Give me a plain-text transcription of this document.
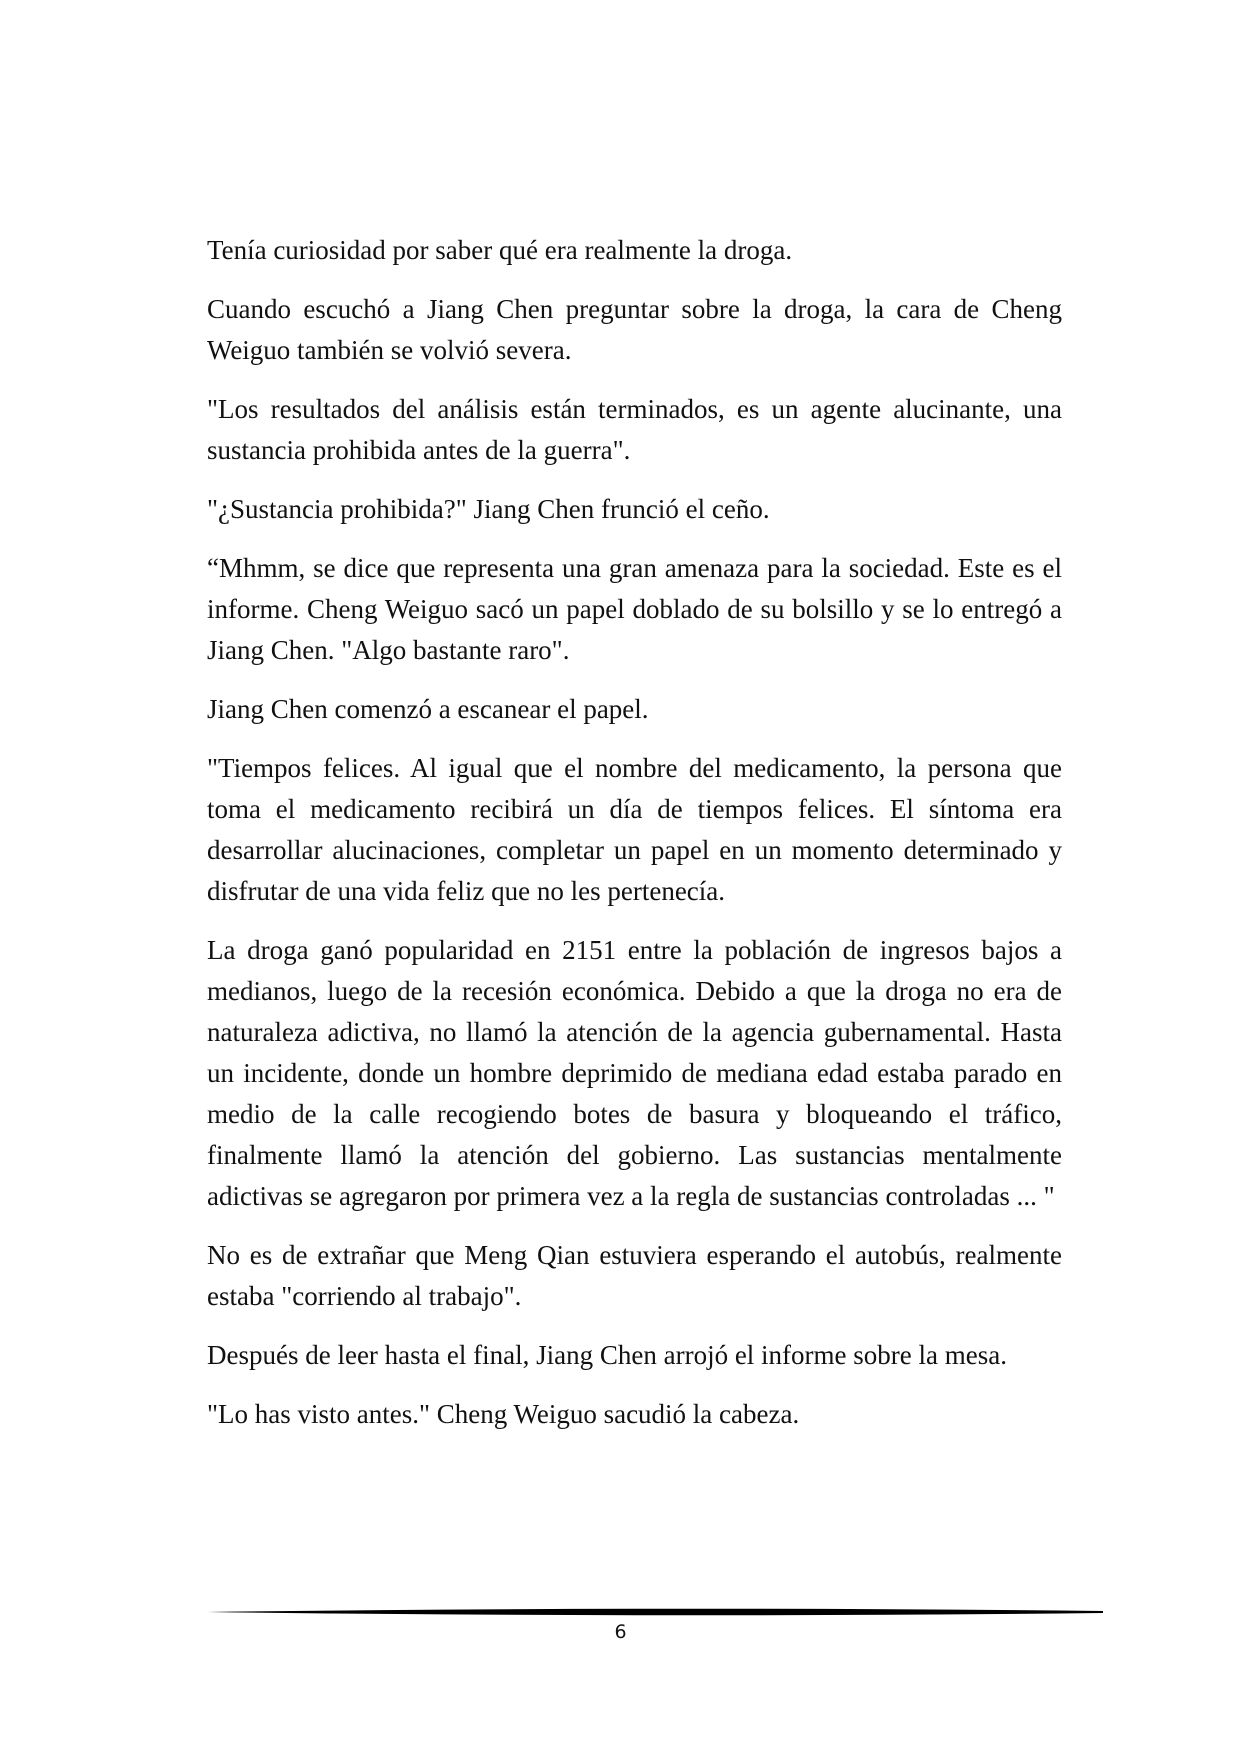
Tenía curiosidad por saber qué era realmente la droga.

Cuando escuchó a Jiang Chen preguntar sobre la droga, la cara de Cheng Weiguo también se volvió severa.

"Los resultados del análisis están terminados, es un agente alucinante, una sustancia prohibida antes de la guerra".

"¿Sustancia prohibida?" Jiang Chen frunció el ceño.

“Mhmm, se dice que representa una gran amenaza para la sociedad. Este es el informe. Cheng Weiguo sacó un papel doblado de su bolsillo y se lo entregó a Jiang Chen. "Algo bastante raro".

Jiang Chen comenzó a escanear el papel.

"Tiempos felices. Al igual que el nombre del medicamento, la persona que toma el medicamento recibirá un día de tiempos felices. El síntoma era desarrollar alucinaciones, completar un papel en un momento determinado y disfrutar de una vida feliz que no les pertenecía.

La droga ganó popularidad en 2151 entre la población de ingresos bajos a medianos, luego de la recesión económica. Debido a que la droga no era de naturaleza adictiva, no llamó la atención de la agencia gubernamental. Hasta un incidente, donde un hombre deprimido de mediana edad estaba parado en medio de la calle recogiendo botes de basura y bloqueando el tráfico, finalmente llamó la atención del gobierno. Las sustancias mentalmente adictivas se agregaron por primera vez a la regla de sustancias controladas ... "

No es de extrañar que Meng Qian estuviera esperando el autobús, realmente estaba "corriendo al trabajo".

Después de leer hasta el final, Jiang Chen arrojó el informe sobre la mesa.

"Lo has visto antes." Cheng Weiguo sacudió la cabeza.

6
